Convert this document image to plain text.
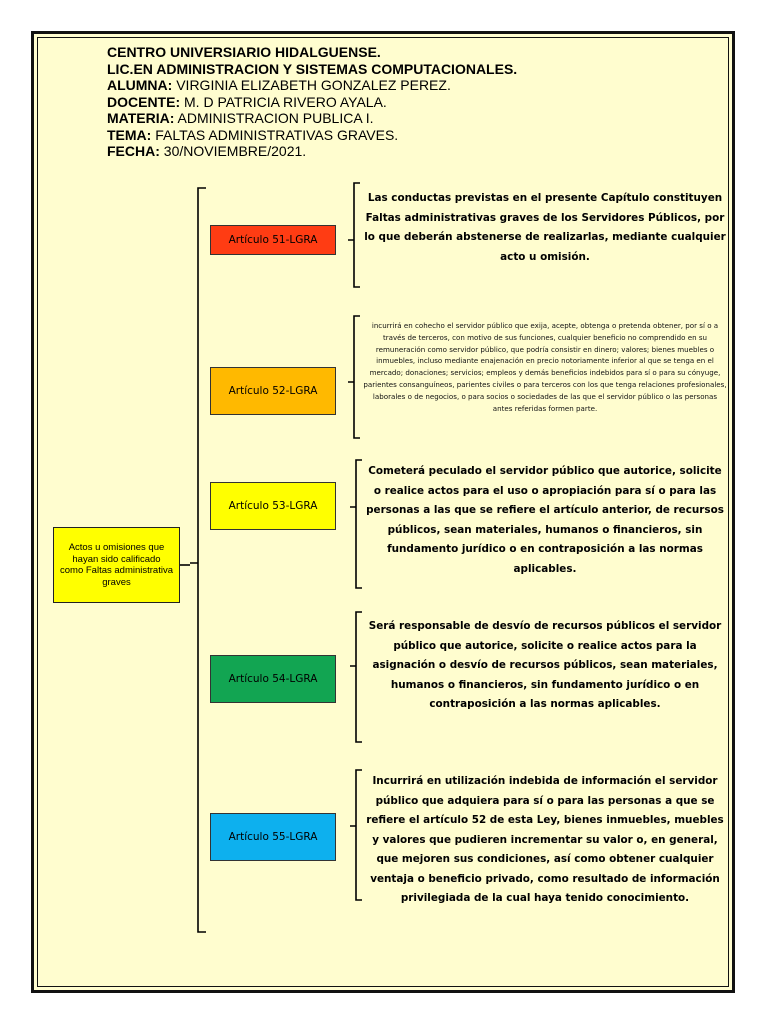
CENTRO UNIVERSIARIO HIDALGUENSE.
LIC.EN ADMINISTRACION Y SISTEMAS COMPUTACIONALES.
ALUMNA: VIRGINIA ELIZABETH GONZALEZ PEREZ.
DOCENTE: M. D PATRICIA RIVERO AYALA.
MATERIA: ADMINISTRACION PUBLICA I.
TEMA: FALTAS ADMINISTRATIVAS GRAVES.
FECHA: 30/NOVIEMBRE/2021.
Actos u omisiones que hayan sido calificado como Faltas administrativa graves
Artículo 51-LGRA
Artículo 52-LGRA
Artículo 53-LGRA
Artículo 54-LGRA
Artículo 55-LGRA
Las conductas previstas en el presente Capítulo constituyen Faltas administrativas graves de los Servidores Públicos, por lo que deberán abstenerse de realizarlas, mediante cualquier acto u omisión.
incurrirá en cohecho el servidor público que exija, acepte, obtenga o pretenda obtener, por sí o a través de terceros, con motivo de sus funciones, cualquier beneficio no comprendido en su remuneración como servidor público, que podría consistir en dinero; valores; bienes muebles o inmuebles, incluso mediante enajenación en precio notoriamente inferior al que se tenga en el mercado; donaciones; servicios; empleos y demás beneficios indebidos para sí o para su cónyuge, parientes consanguíneos, parientes civiles o para terceros con los que tenga relaciones profesionales, laborales o de negocios, o para socios o sociedades de las que el servidor público o las personas antes referidas formen parte.
Cometerá peculado el servidor público que autorice, solicite o realice actos para el uso o apropiación para sí o para las personas a las que se refiere el artículo anterior, de recursos públicos, sean materiales, humanos o financieros, sin fundamento jurídico o en contraposición a las normas aplicables.
Será responsable de desvío de recursos públicos el servidor público que autorice, solicite o realice actos para la asignación o desvío de recursos públicos, sean materiales, humanos o financieros, sin fundamento jurídico o en contraposición a las normas aplicables.
Incurrirá en utilización indebida de información el servidor público que adquiera para sí o para las personas a que se refiere el artículo 52 de esta Ley, bienes inmuebles, muebles y valores que pudieren incrementar su valor o, en general, que mejoren sus condiciones, así como obtener cualquier ventaja o beneficio privado, como resultado de información privilegiada de la cual haya tenido conocimiento.
